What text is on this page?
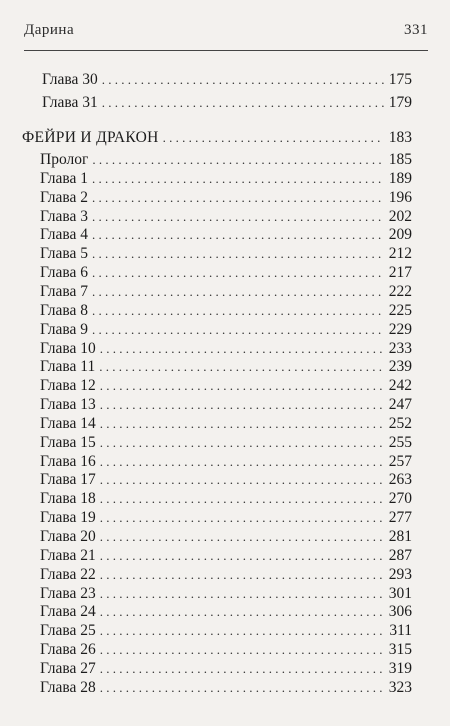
Дарина	331
Глава 30 . . .	175
Глава 31 . . .	179
ФЕЙРИ И ДРАКОН . . .	183
Пролог . . .	185
Глава 1 . . .	189
Глава 2 . . .	196
Глава 3 . . .	202
Глава 4 . . .	209
Глава 5 . . .	212
Глава 6 . . .	217
Глава 7 . . .	222
Глава 8 . . .	225
Глава 9 . . .	229
Глава 10 . . .	233
Глава 11 . . .	239
Глава 12 . . .	242
Глава 13 . . .	247
Глава 14 . . .	252
Глава 15 . . .	255
Глава 16 . . .	257
Глава 17 . . .	263
Глава 18 . . .	270
Глава 19 . . .	277
Глава 20 . . .	281
Глава 21 . . .	287
Глава 22 . . .	293
Глава 23 . . .	301
Глава 24 . . .	306
Глава 25 . . .	311
Глава 26 . . .	315
Глава 27 . . .	319
Глава 28 . . .	323
